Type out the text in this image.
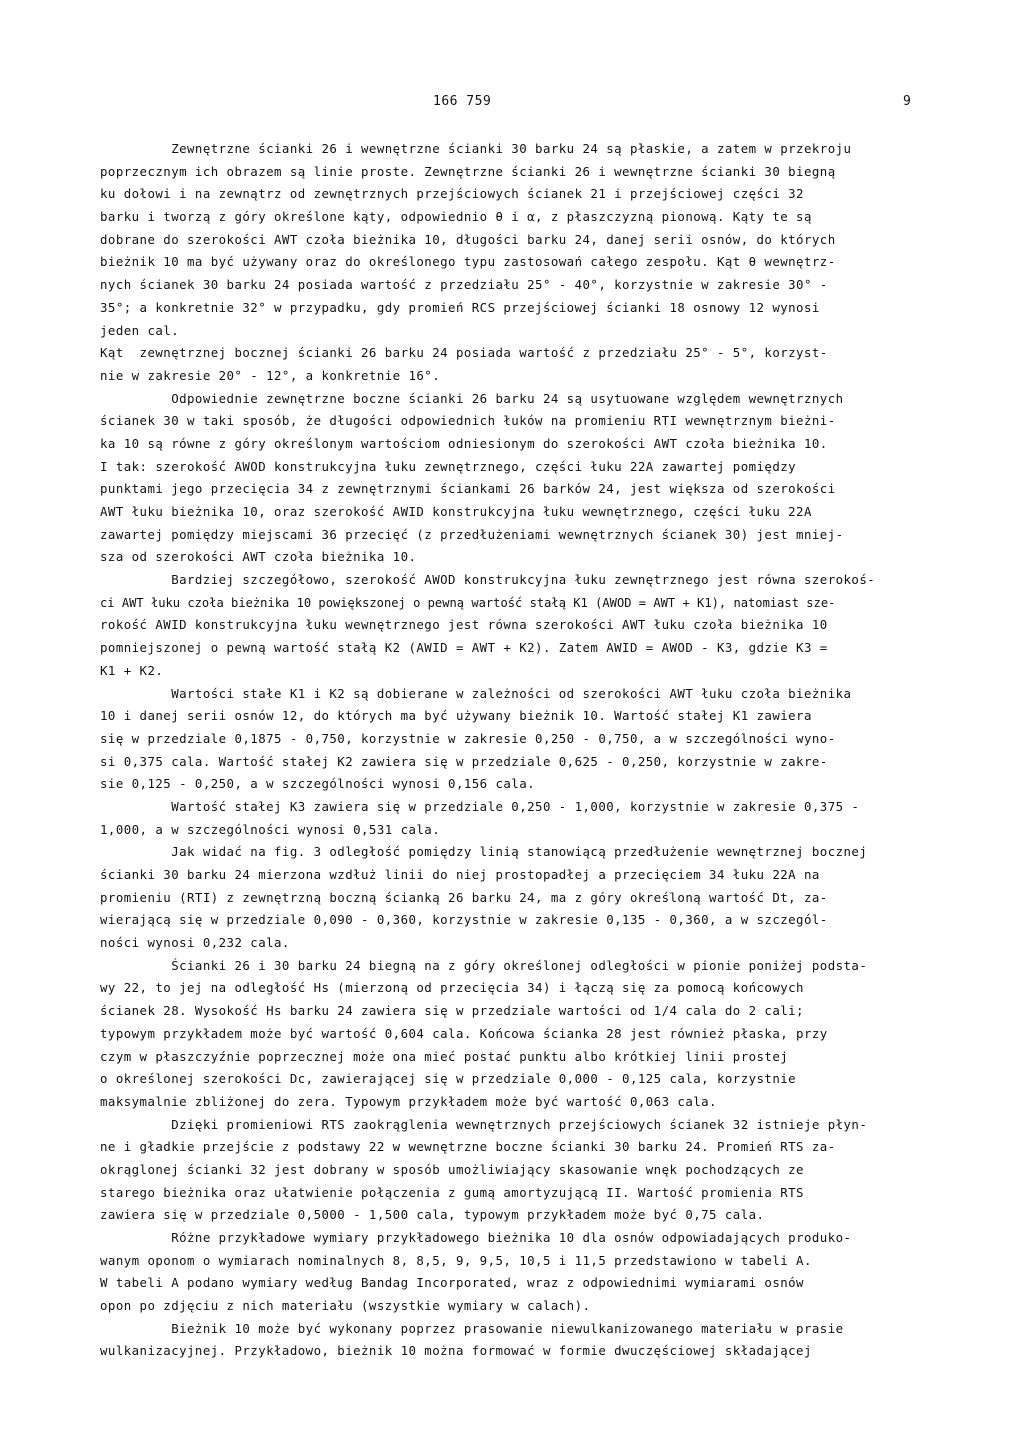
166 759	9
Zewnętrzne ścianki 26 i wewnętrzne ścianki 30 barku 24 są płaskie, a zatem w przekroju
poprzecznym ich obrazem są linie proste. Zewnętrzne ścianki 26 i wewnętrzne ścianki 30 biegną
ku dołowi i na zewnątrz od zewnętrznych przejściowych ścianek 21 i przejściowej części 32
barku i tworzą z góry określone kąty, odpowiednio θ i α, z płaszczyzną pionową. Kąty te są
dobrane do szerokości AWT czoła bieżnika 10, długości barku 24, danej serii osnów, do których
bieżnik 10 ma być używany oraz do określonego typu zastosowań całego zespołu. Kąt θ wewnętrz-
nych ścianek 30 barku 24 posiada wartość z przedziału 25° - 40°, korzystnie w zakresie 30° -
35°; a konkretnie 32° w przypadku, gdy promień RCS przejściowej ścianki 18 osnowy 12 wynosi
jeden cal.
Kąt  zewnętrznej bocznej ścianki 26 barku 24 posiada wartość z przedziału 25° - 5°, korzyst-
nie w zakresie 20° - 12°, a konkretnie 16°.
Odpowiednie zewnętrzne boczne ścianki 26 barku 24 są usytuowane względem wewnętrznych
ścianek 30 w taki sposób, że długości odpowiednich łuków na promieniu RTI wewnętrznym bieżni-
ka 10 są równe z góry określonym wartościom odniesionym do szerokości AWT czoła bieżnika 10.
I tak: szerokość AWOD konstrukcyjna łuku zewnętrznego, części łuku 22A zawartej pomiędzy
punktami jego przecięcia 34 z zewnętrznymi ściankami 26 barków 24, jest większa od szerokości
AWT łuku bieżnika 10, oraz szerokość AWID konstrukcyjna łuku wewnętrznego, części łuku 22A
zawartej pomiędzy miejscami 36 przecięć (z przedłużeniami wewnętrznych ścianek 30) jest mniej-
sza od szerokości AWT czoła bieżnika 10.
Bardziej szczegółowo, szerokość AWOD konstrukcyjna łuku zewnętrznego jest równa szerokoś-
ci AWT łuku czoła bieżnika 10 powiększonej o pewną wartość stałą K1 (AWOD = AWT + K1), natomiast sze-
rokość AWID konstrukcyjna łuku wewnętrznego jest równa szerokości AWT łuku czoła bieżnika 10
pomniejszonej o pewną wartość stałą K2 (AWID = AWT + K2). Zatem AWID = AWOD - K3, gdzie K3 =
K1 + K2.
Wartości stałe K1 i K2 są dobierane w zależności od szerokości AWT łuku czoła bieżnika
10 i danej serii osnów 12, do których ma być używany bieżnik 10. Wartość stałej K1 zawiera
się w przedziale 0,1875 - 0,750, korzystnie w zakresie 0,250 - 0,750, a w szczególności wyno-
si 0,375 cala. Wartość stałej K2 zawiera się w przedziale 0,625 - 0,250, korzystnie w zakre-
sie 0,125 - 0,250, a w szczególności wynosi 0,156 cala.
Wartość stałej K3 zawiera się w przedziale 0,250 - 1,000, korzystnie w zakresie 0,375 -
1,000, a w szczególności wynosi 0,531 cala.
Jak widać na fig. 3 odległość pomiędzy linią stanowiącą przedłużenie wewnętrznej bocznej
ścianki 30 barku 24 mierzona wzdłuż linii do niej prostopadłej a przecięciem 34 łuku 22A na
promieniu (RTI) z zewnętrzną boczną ścianką 26 barku 24, ma z góry określoną wartość Dt, za-
wierającą się w przedziale 0,090 - 0,360, korzystnie w zakresie 0,135 - 0,360, a w szczegól-
ności wynosi 0,232 cala.
Ścianki 26 i 30 barku 24 biegną na z góry określonej odległości w pionie poniżej podsta-
wy 22, to jej na odległość Hs (mierzoną od przecięcia 34) i łączą się za pomocą końcowych
ścianek 28. Wysokość Hs barku 24 zawiera się w przedziale wartości od 1/4 cala do 2 cali;
typowym przykładem może być wartość 0,604 cala. Końcowa ścianka 28 jest również płaska, przy
czym w płaszczyźnie poprzecznej może ona mieć postać punktu albo krótkiej linii prostej
o określonej szerokości Dc, zawierającej się w przedziale 0,000 - 0,125 cala, korzystnie
maksymalnie zbliżonej do zera. Typowym przykładem może być wartość 0,063 cala.
Dzięki promieniowi RTS zaokrąglenia wewnętrznych przejściowych ścianek 32 istnieje płyn-
ne i gładkie przejście z podstawy 22 w wewnętrzne boczne ścianki 30 barku 24. Promień RTS za-
okrąglonej ścianki 32 jest dobrany w sposób umożliwiający skasowanie wnęk pochodzących ze
starego bieżnika oraz ułatwienie połączenia z gumą amortyzującą II. Wartość promienia RTS
zawiera się w przedziale 0,5000 - 1,500 cala, typowym przykładem może być 0,75 cala.
Różne przykładowe wymiary przykładowego bieżnika 10 dla osnów odpowiadających produko-
wanym oponom o wymiarach nominalnych 8, 8,5, 9, 9,5, 10,5 i 11,5 przedstawiono w tabeli A.
W tabeli A podano wymiary według Bandag Incorporated, wraz z odpowiednimi wymiarami osnów
opon po zdjęciu z nich materiału (wszystkie wymiary w calach).
Bieżnik 10 może być wykonany poprzez prasowanie niewulkanizowanego materiału w prasie
wulkanizacyjnej. Przykładowo, bieżnik 10 można formować w formie dwuczęściowej składającej
